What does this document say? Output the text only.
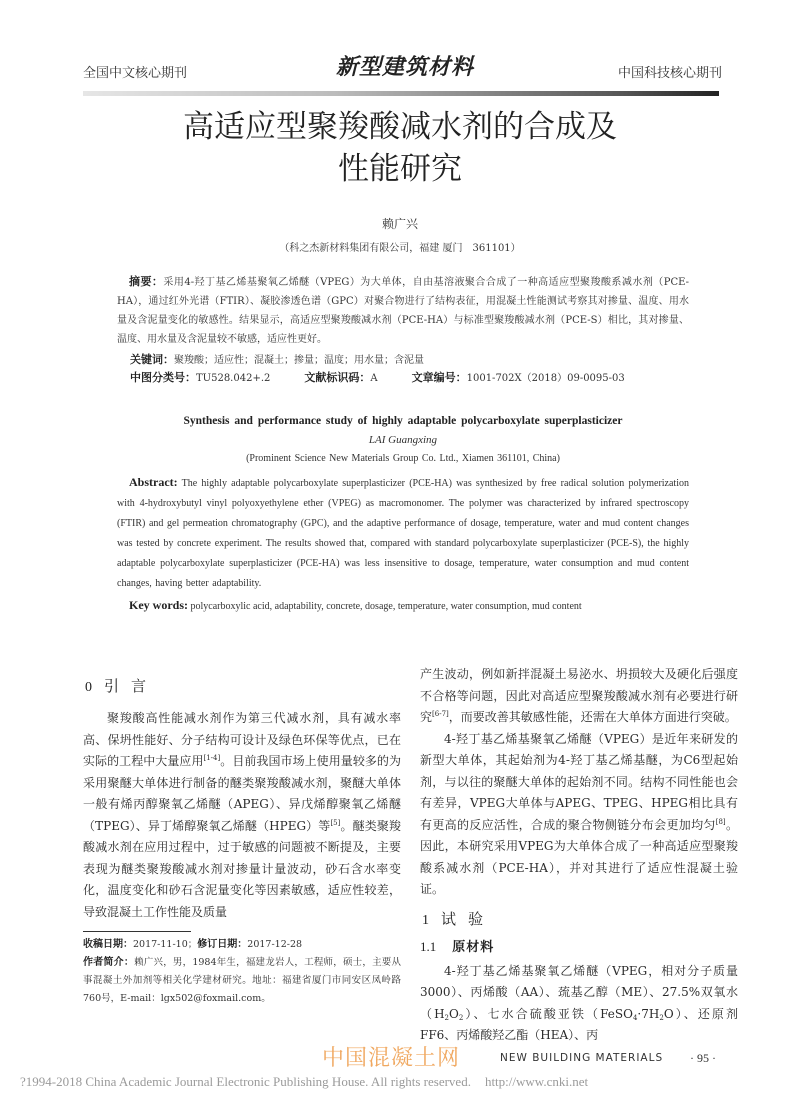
全国中文核心期刊	新型建筑材料	中国科技核心期刊
高适应型聚羧酸减水剂的合成及
性能研究
赖广兴
（科之杰新材料集团有限公司，福建 厦门　361101）
摘要：采用4-羟丁基乙烯基聚氧乙烯醚（VPEG）为大单体，自由基溶液聚合合成了一种高适应型聚羧酸系减水剂（PCE-HA），通过红外光谱（FTIR）、凝胶渗透色谱（GPC）对聚合物进行了结构表征，用混凝土性能测试考察其对掺量、温度、用水量及含泥量变化的敏感性。结果显示，高适应型聚羧酸减水剂（PCE-HA）与标准型聚羧酸减水剂（PCE-S）相比，其对掺量、温度、用水量及含泥量较不敏感，适应性更好。
关键词：聚羧酸；适应性；混凝土；掺量；温度；用水量；含泥量
中图分类号：TU528.042+.2	文献标识码：A	文章编号：1001-702X（2018）09-0095-03
Synthesis and performance study of highly adaptable polycarboxylate superplasticizer
LAI Guangxing
(Prominent Science New Materials Group Co. Ltd., Xiamen 361101, China)
Abstract: The highly adaptable polycarboxylate superplasticizer (PCE-HA) was synthesized by free radical solution polymerization with 4-hydroxybutyl vinyl polyoxyethylene ether (VPEG) as macromonomer. The polymer was characterized by infrared spectroscopy (FTIR) and gel permeation chromatography (GPC), and the adaptive performance of dosage, temperature, water and mud content changes was tested by concrete experiment. The results showed that, compared with standard polycarboxylate superplasticizer (PCE-S), the highly adaptable polycarboxylate superplasticizer (PCE-HA) was less insensitive to dosage, temperature, water consumption and mud content changes, having better adaptability.
Key words: polycarboxylic acid, adaptability, concrete, dosage, temperature, water consumption, mud content
0 引言

聚羧酸高性能减水剂作为第三代减水剂，具有减水率高、保坍性能好、分子结构可设计及绿色环保等优点，已在实际的工程中大量应用[1-4]。目前我国市场上使用量较多的为采用聚醚大单体进行制备的醚类聚羧酸减水剂，聚醚大单体一般有烯丙醇聚氧乙烯醚（APEG）、异戊烯醇聚氧乙烯醚（TPEG）、异丁烯醇聚氧乙烯醚（HPEG）等[5]。醚类聚羧酸减水剂在应用过程中，过于敏感的问题被不断提及，主要表现为醚类聚羧酸减水剂对掺量计量波动，砂石含水率变化，温度变化和砂石含泥量变化等因素敏感，适应性较差，导致混凝土工作性能及质量

收稿日期：2017-11-10；修订日期：2017-12-28
作者简介：赖广兴，男，1984年生，福建龙岩人，工程师，硕士，主要从事混凝土外加剂等相关化学建材研究。地址：福建省厦门市同安区凤岭路760号，E-mail：lgx502@foxmail.com。

产生波动，例如新拌混凝土易泌水、坍损较大及硬化后强度不合格等问题，因此对高适应型聚羧酸减水剂有必要进行研究[6-7]，而要改善其敏感性能，还需在大单体方面进行突破。

4-羟丁基乙烯基聚氧乙烯醚（VPEG）是近年来研发的新型大单体，其起始剂为4-羟丁基乙烯基醚，为C6型起始剂，与以往的聚醚大单体的起始剂不同。结构不同性能也会有差异，VPEG大单体与APEG、TPEG、HPEG相比具有有更高的反应活性，合成的聚合物侧链分布会更加均匀[8]。因此，本研究采用VPEG为大单体合成了一种高适应型聚羧酸系减水剂（PCE-HA），并对其进行了适应性混凝土验证。

1 试验
1.1 原材料

4-羟丁基乙烯基聚氧乙烯醚（VPEG，相对分子质量3000）、丙烯酸（AA）、巯基乙醇（ME）、27.5%双氧水$(H_2O_2)$、七水合硫酸亚铁$(FeSO_4\cdot 7H_2O)$、还原剂FF6、丙烯酸羟乙酯（HEA）、丙

中国混凝土网	NEW BUILDING MATERIALS · 95 ·
?1994-2018 China Academic Journal Electronic Publishing House. All rights reserved. http://www.cnki.net
